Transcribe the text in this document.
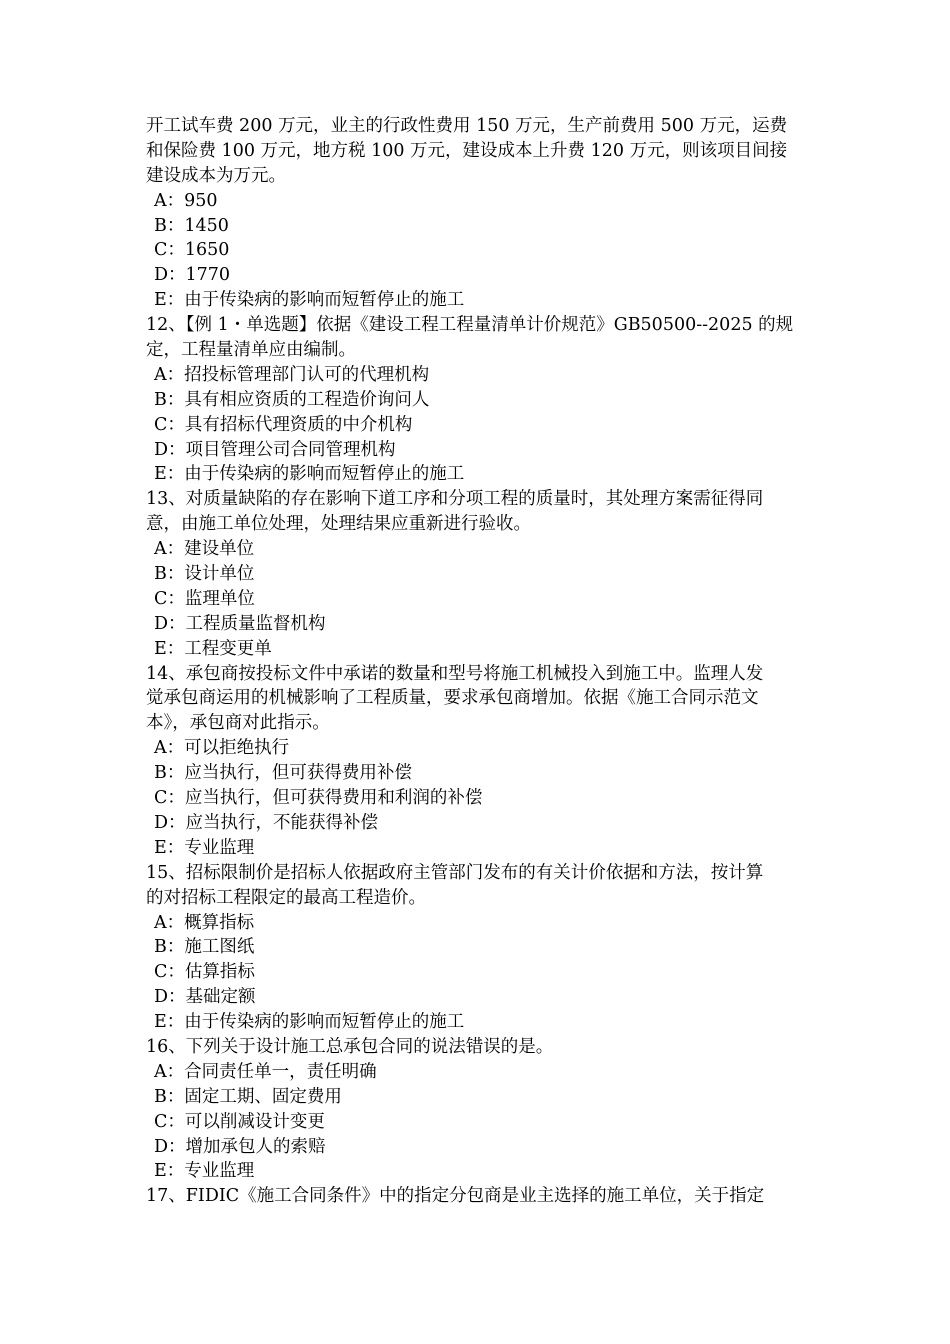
开工试车费 200 万元，业主的行政性费用 150 万元，生产前费用 500 万元，运费
和保险费 100 万元，地方税 100 万元，建设成本上升费 120 万元，则该项目间接
建设成本为万元。
A：950
B：1450
C：1650
D：1770
E：由于传染病的影响而短暂停止的施工
12、【例 1・单选题】依据《建设工程工程量清单计价规范》GB50500--2025 的规
定，工程量清单应由编制。
A：招投标管理部门认可的代理机构
B：具有相应资质的工程造价询问人
C：具有招标代理资质的中介机构
D：项目管理公司合同管理机构
E：由于传染病的影响而短暂停止的施工
13、对质量缺陷的存在影响下道工序和分项工程的质量时，其处理方案需征得同
意，由施工单位处理，处理结果应重新进行验收。
A：建设单位
B：设计单位
C：监理单位
D：工程质量监督机构
E：工程变更单
14、承包商按投标文件中承诺的数量和型号将施工机械投入到施工中。监理人发
觉承包商运用的机械影响了工程质量，要求承包商增加。依据《施工合同示范文
本》，承包商对此指示。
A：可以拒绝执行
B：应当执行，但可获得费用补偿
C：应当执行，但可获得费用和利润的补偿
D：应当执行，不能获得补偿
E：专业监理
15、招标限制价是招标人依据政府主管部门发布的有关计价依据和方法，按计算
的对招标工程限定的最高工程造价。
A：概算指标
B：施工图纸
C：估算指标
D：基础定额
E：由于传染病的影响而短暂停止的施工
16、下列关于设计施工总承包合同的说法错误的是。
A：合同责任单一，责任明确
B：固定工期、固定费用
C：可以削减设计变更
D：增加承包人的索赔
E：专业监理
17、FIDIC《施工合同条件》中的指定分包商是业主选择的施工单位，关于指定
